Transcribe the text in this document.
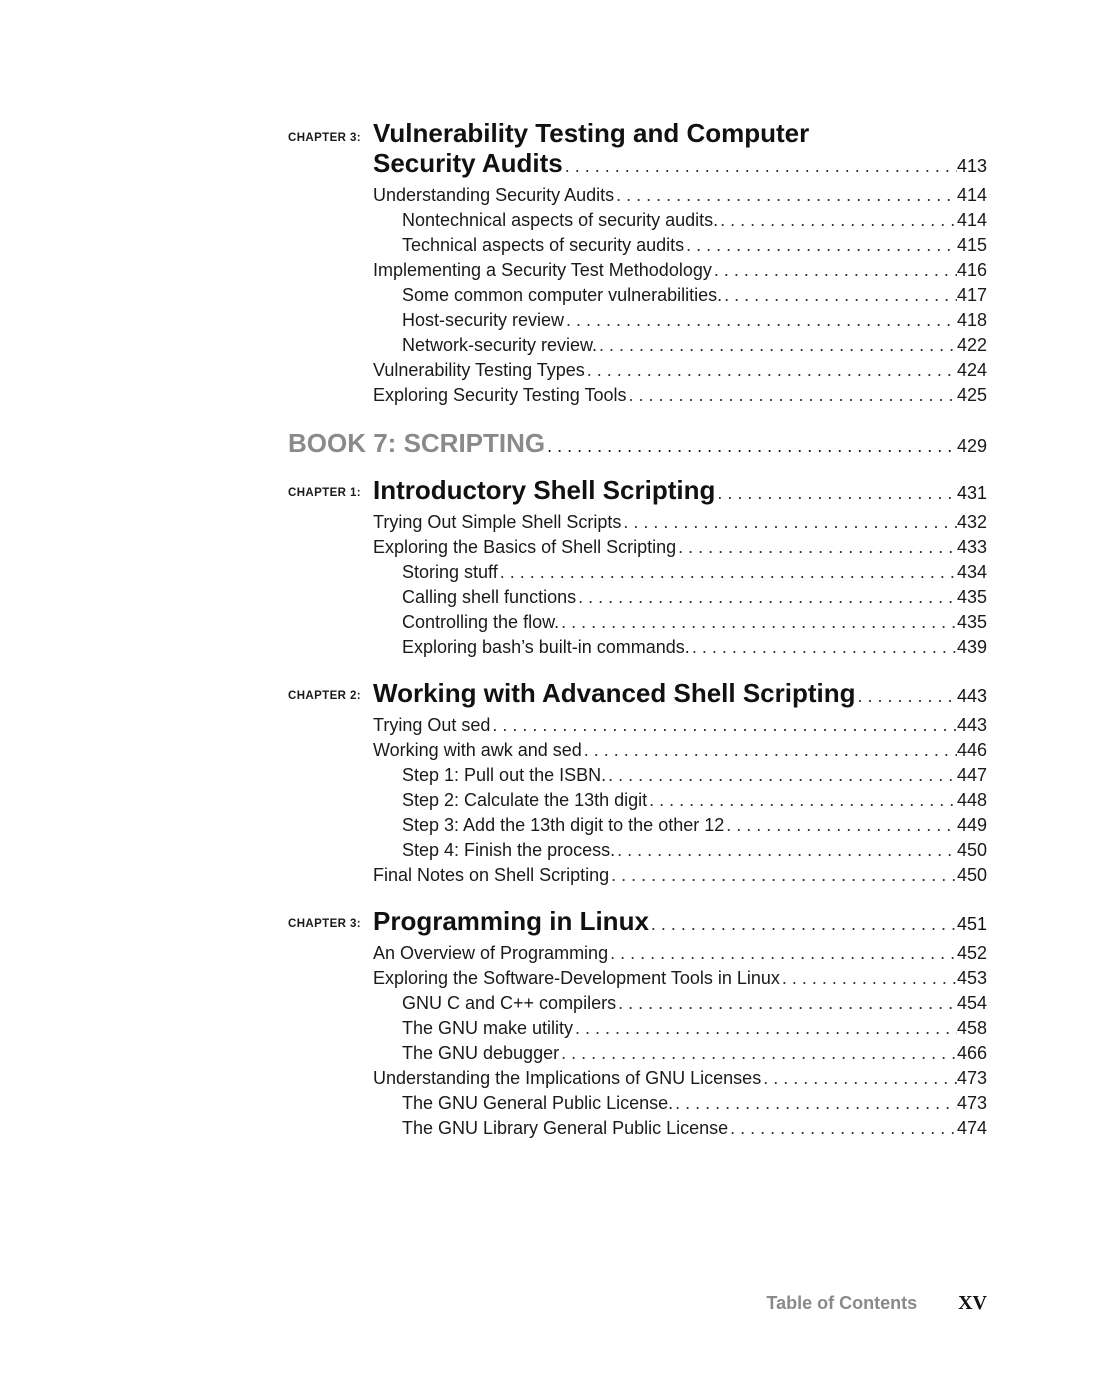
CHAPTER 3: Vulnerability Testing and Computer
Security Audits . . .	413
Understanding Security Audits . . .	414
Nontechnical aspects of security audits. . . .	414
Technical aspects of security audits . . .	415
Implementing a Security Test Methodology . . .	416
Some common computer vulnerabilities. . . .	417
Host-security review . . .	418
Network-security review. . . .	422
Vulnerability Testing Types . . .	424
Exploring Security Testing Tools . . .	425
BOOK 7: SCRIPTING . . .	429
CHAPTER 1: Introductory Shell Scripting . . .	431
Trying Out Simple Shell Scripts . . .	432
Exploring the Basics of Shell Scripting . . .	433
Storing stuff . . .	434
Calling shell functions . . .	435
Controlling the flow. . . .	435
Exploring bash’s built-in commands. . . .	439
CHAPTER 2: Working with Advanced Shell Scripting . . .	443
Trying Out sed . . .	443
Working with awk and sed . . .	446
Step 1: Pull out the ISBN. . . .	447
Step 2: Calculate the 13th digit . . .	448
Step 3: Add the 13th digit to the other 12 . . .	449
Step 4: Finish the process. . . .	450
Final Notes on Shell Scripting . . .	450
CHAPTER 3: Programming in Linux . . .	451
An Overview of Programming . . .	452
Exploring the Software-Development Tools in Linux . . .	453
GNU C and C++ compilers . . .	454
The GNU make utility . . .	458
The GNU debugger . . .	466
Understanding the Implications of GNU Licenses . . .	473
The GNU General Public License. . . .	473
The GNU Library General Public License . . .	474
Table of Contents XV
